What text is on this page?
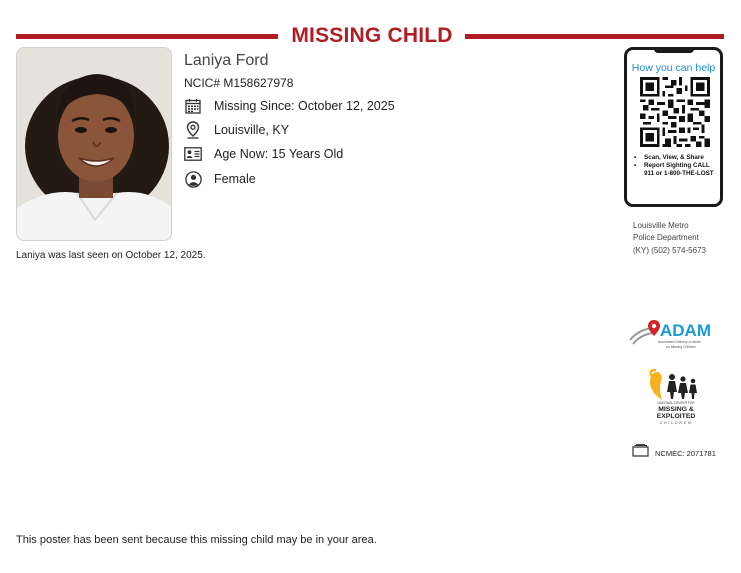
MISSING CHILD
Laniya Ford
NCIC# M158627978
Missing Since: October 12, 2025
Louisville, KY
Age Now: 15 Years Old
Female
Laniya was last seen on October 12, 2025.
How you can help
• Scan, View, & Share
• Report Sighting CALL 911 or 1-800-THE-LOST
Louisville Metro
Police Department
(KY) (502) 574-5673
ADAM
Automated Delivery of Alerts
on Missing Children
NATIONAL CENTER FOR
MISSING &
EXPLOITED
CHILDREN
NCMEC: 2071781
This poster has been sent because this missing child may be in your area.
